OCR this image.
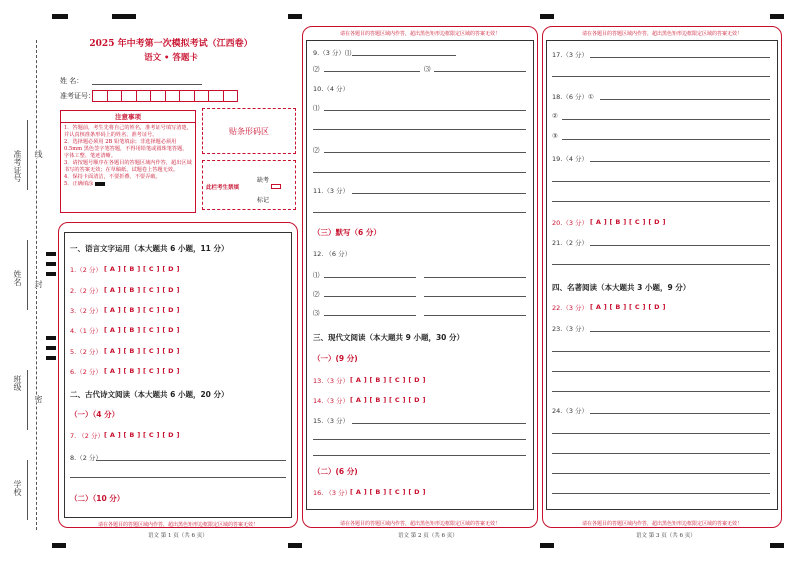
准考证号 线
姓名 封
班级
密
学校
2025 年中考第一次模拟考试（江西卷）
语文 • 答题卡
姓 名：
准考证号：
注意事项
1．答题前，考生先将自己的姓名，准考证号填写清楚，并认真核准条形码上的姓名、准考证号。
2．选择题必须用 2B 铅笔填涂；非选择题必须用 0.5mm 黑色签字笔答题，不得用铅笔或圆珠笔答题，字体工整、笔迹清晰。
3．请按题号顺序在各题目的答题区域内作答，超出区域书写的答案无效；在草稿纸、试题卷上答题无效。
4．保持卡面清洁，不要折叠、不要弄破。
5．正确填涂
贴条形码区
此栏考生禁填
缺考
标记
请在各题目的答题区域内作答，超出黑色矩形边框限定区域的答案无效！
语文 第 1 页（共 6 页）
一、语言文字运用（本大题共 6 小题，11 分）
1.（2 分） [ A ] [ B ] [ C ] [ D ]
2.（2 分） [ A ] [ B ] [ C ] [ D ]
3.（2 分） [ A ] [ B ] [ C ] [ D ]
4.（1 分） [ A ] [ B ] [ C ] [ D ]
5.（2 分） [ A ] [ B ] [ C ] [ D ]
6.（2 分） [ A ] [ B ] [ C ] [ D ]
二、古代诗文阅读（本大题共 6 小题，20 分）
（一）（4 分）
7. （2 分） [ A ] [ B ] [ C ] [ D ]
8.（2 分）
（二）（10 分）
请在各题目的答题区域内作答，超出黑色矩形边框限定区域的答案无效！
请在各题目的答题区域内作答，超出黑色矩形边框限定区域的答案无效！
语文 第 2 页（共 6 页）
9.（3 分）⑴
⑵	⑶
10.（4 分）
⑴
⑵
11.（3 分）
（三）默写（6 分）
12. （6 分）
⑴
⑵
⑶
三、现代文阅读（本大题共 9 小题，30 分）
（一）(9 分)
13.（3 分） [ A ] [ B ] [ C ] [ D ]
14.（3 分） [ A ] [ B ] [ C ] [ D ]
15.（3 分）
（二）(6 分)
16. （3 分）
[ A ] [ B ] [ C ] [ D ]
请在各题目的答题区域内作答，超出黑色矩形边框限定区域的答案无效！
请在各题目的答题区域内作答，超出黑色矩形边框限定区域的答案无效！
语文 第 3 页（共 6 页）
17.（3 分）
18.（6 分）①
②
③
19.（4 分）
20.（3 分） [ A ] [ B ] [ C ] [ D ]
21.（2 分）
四、名著阅读（本大题共 3 小题，9 分）
22.（3 分） [ A ] [ B ] [ C ] [ D ]
23.（3 分）
24.（3 分）
